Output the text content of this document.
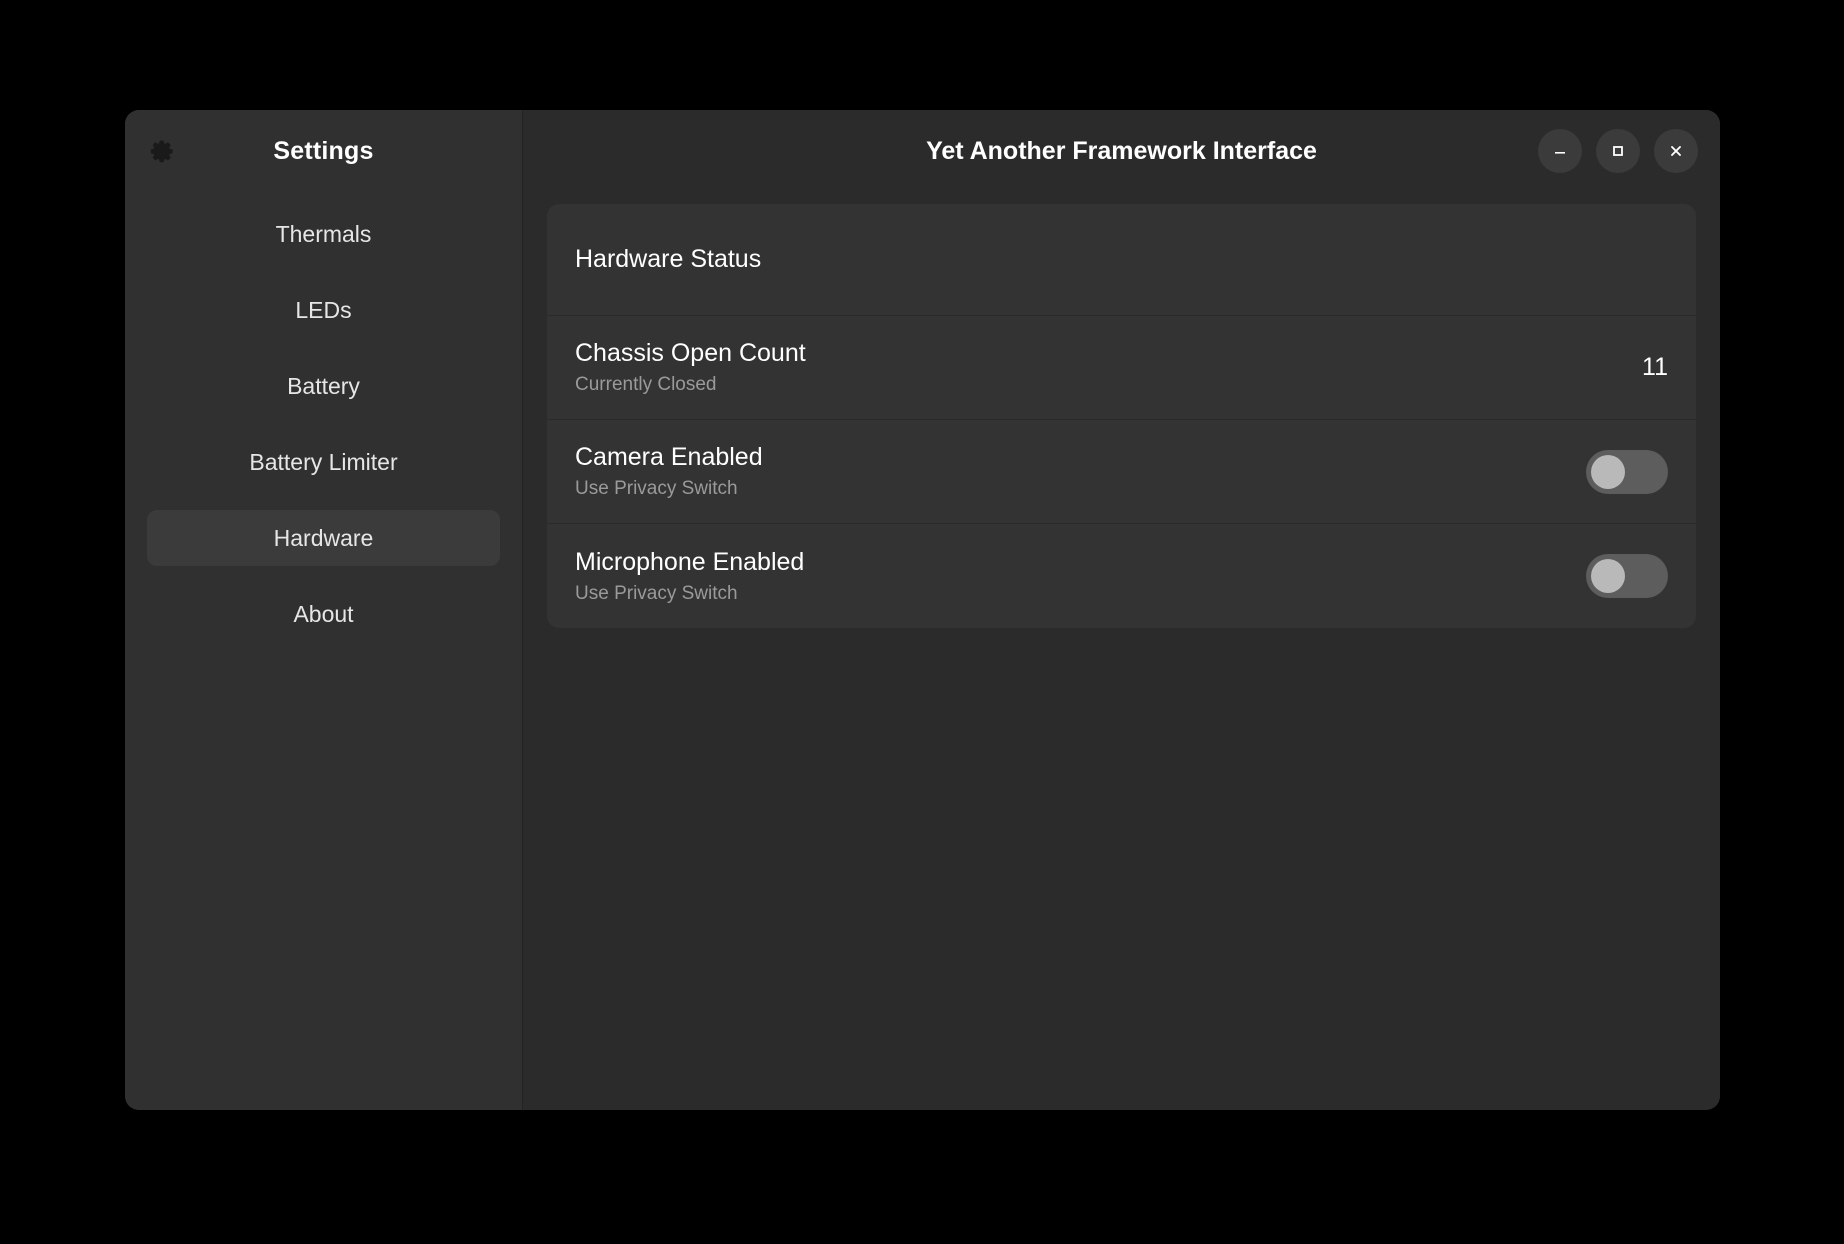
Settings
Thermals
LEDs
Battery
Battery Limiter
Hardware
About
Yet Another Framework Interface
Hardware Status
Chassis Open Count
Currently Closed
11
Camera Enabled
Use Privacy Switch
Microphone Enabled
Use Privacy Switch
